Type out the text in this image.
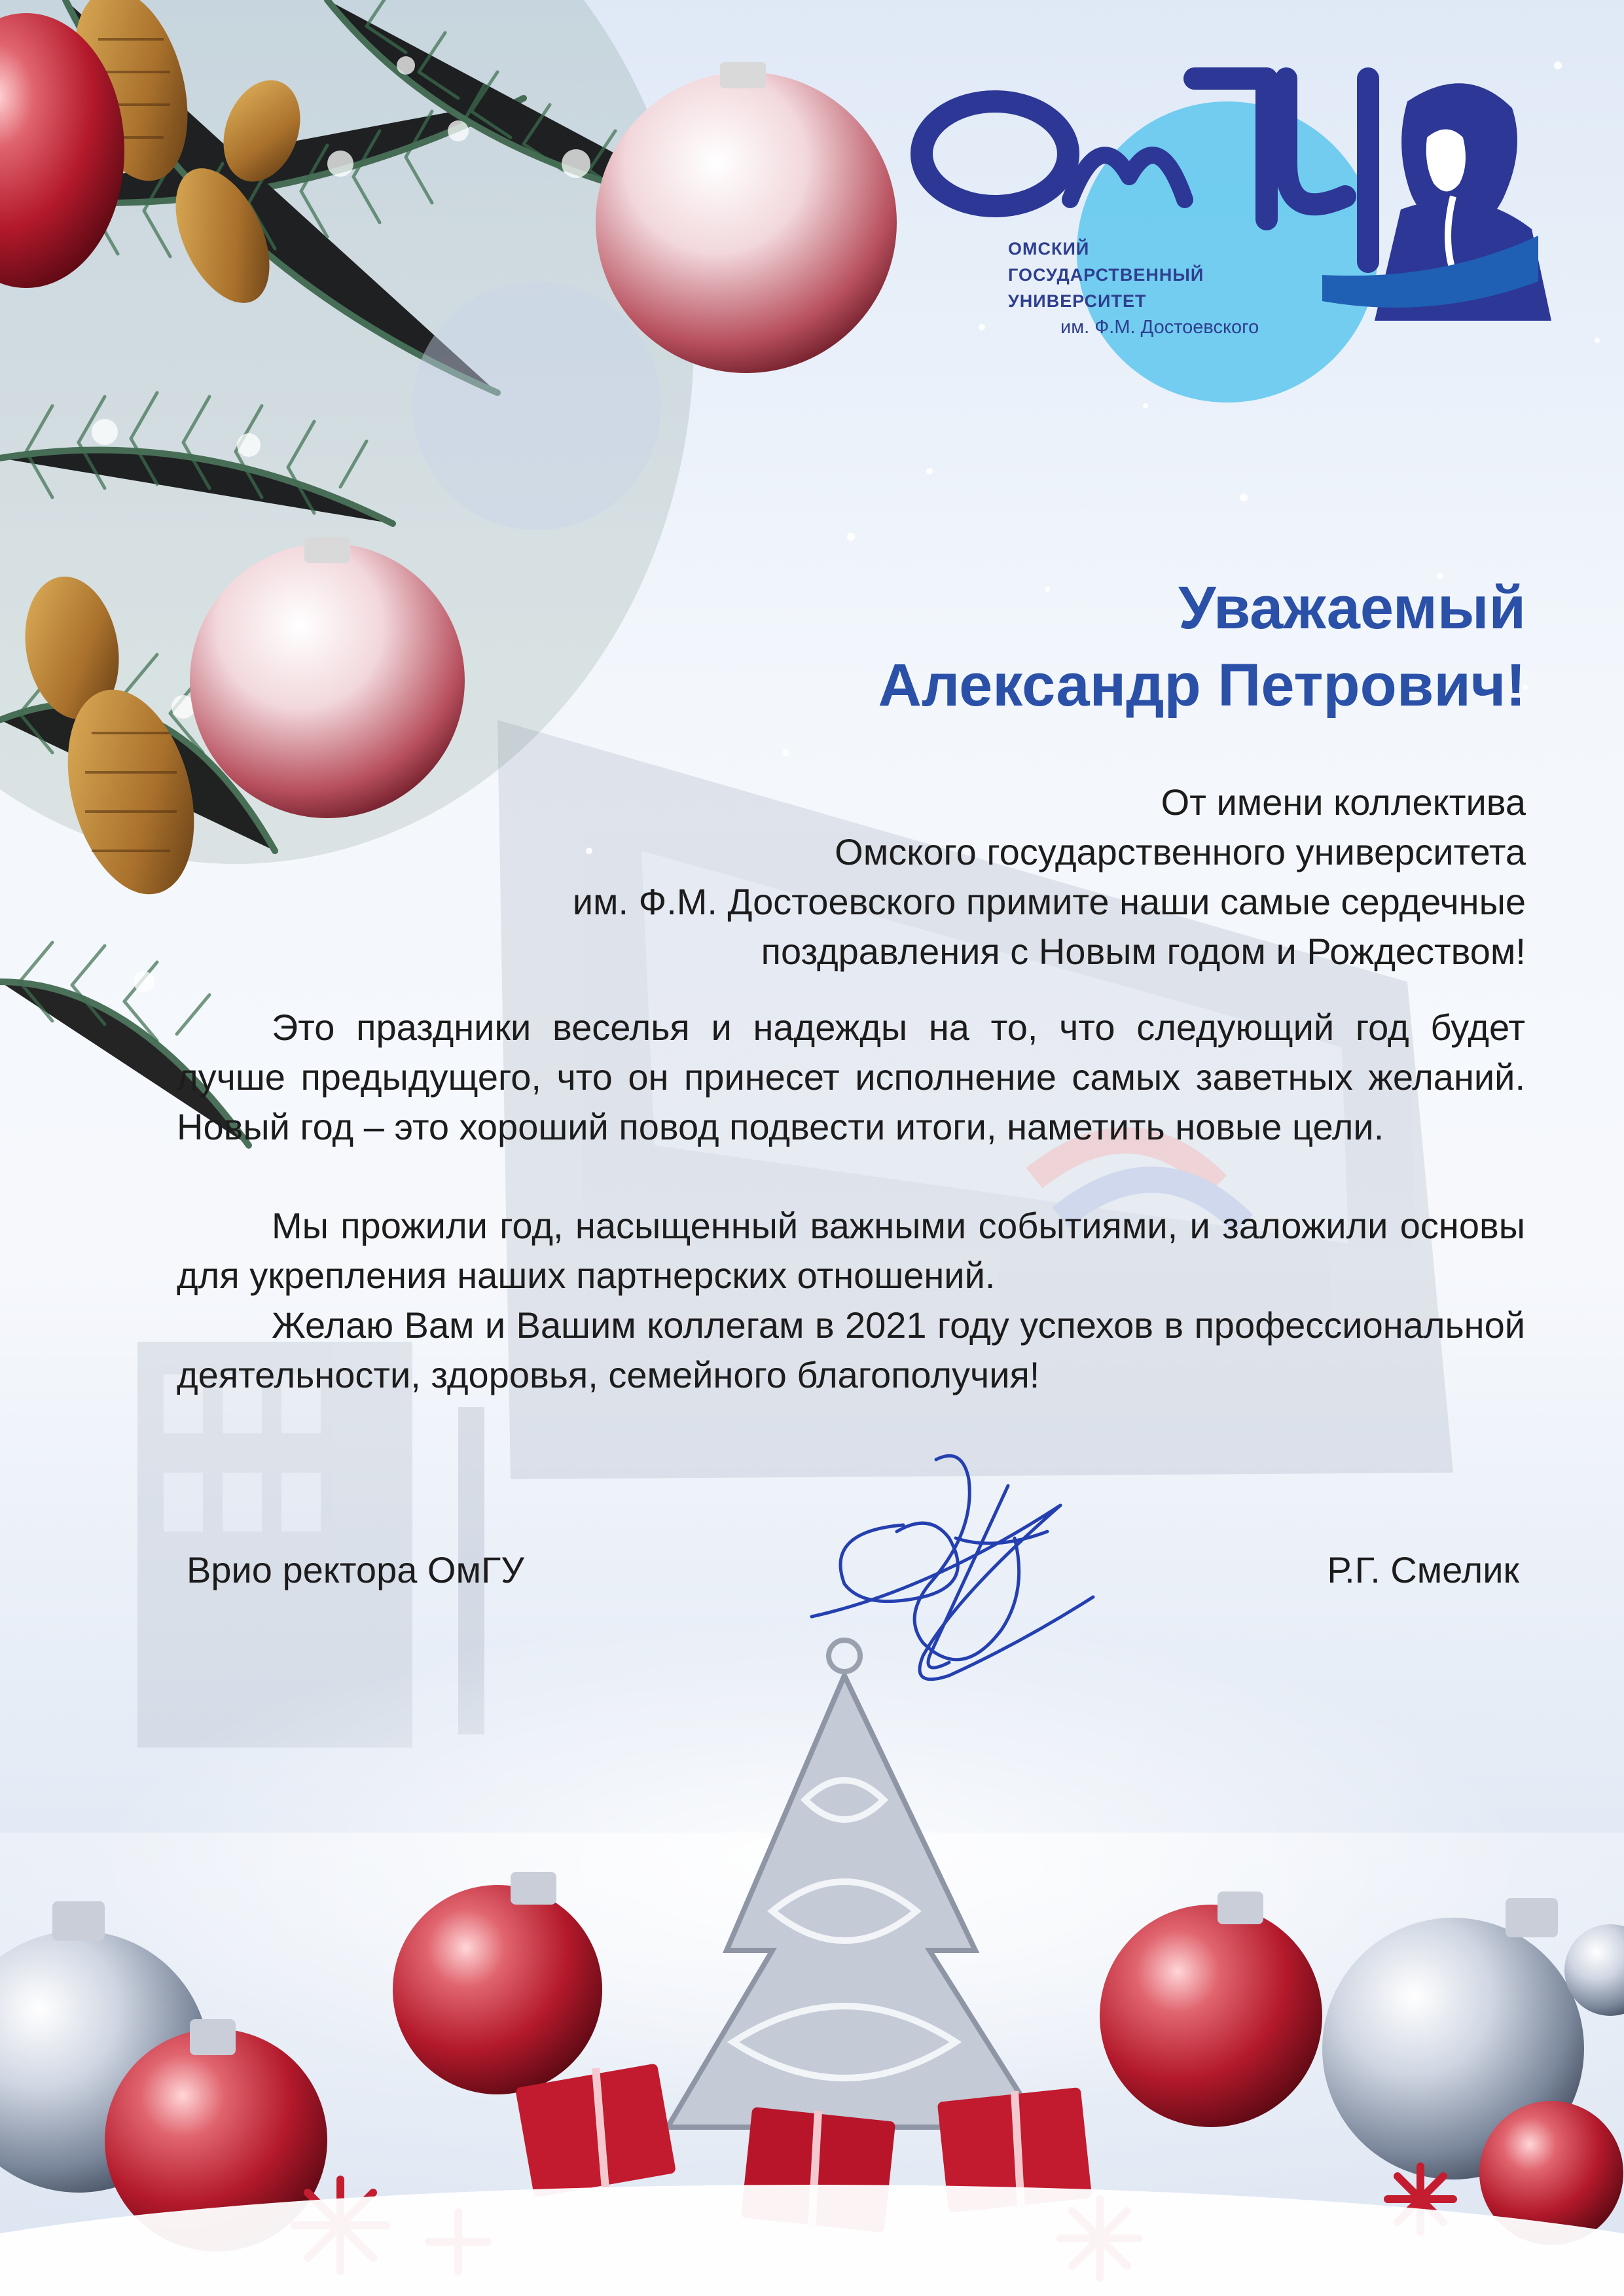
ОМСКИЙ
ГОСУДАРСТВЕННЫЙ
УНИВЕРСИТЕТ
им. Ф.М. Достоевского
Уважаемый
Александр Петрович!
От имени коллектива
Омского государственного университета
им. Ф.М. Достоевского примите наши самые сердечные
поздравления с Новым годом и Рождеством!
Это праздники веселья и надежды на то, что следующий год будет лучше предыдущего, что он принесет исполнение самых заветных желаний. Новый год – это хороший повод подвести итоги, наметить новые цели.
Мы прожили год, насыщенный важными событиями, и заложили основы для укрепления наших партнерских отношений.
Желаю Вам и Вашим коллегам в 2021 году успехов в профессиональной деятельности, здоровья, семейного благополучия!
Врио ректора ОмГУ	Р.Г. Смелик
